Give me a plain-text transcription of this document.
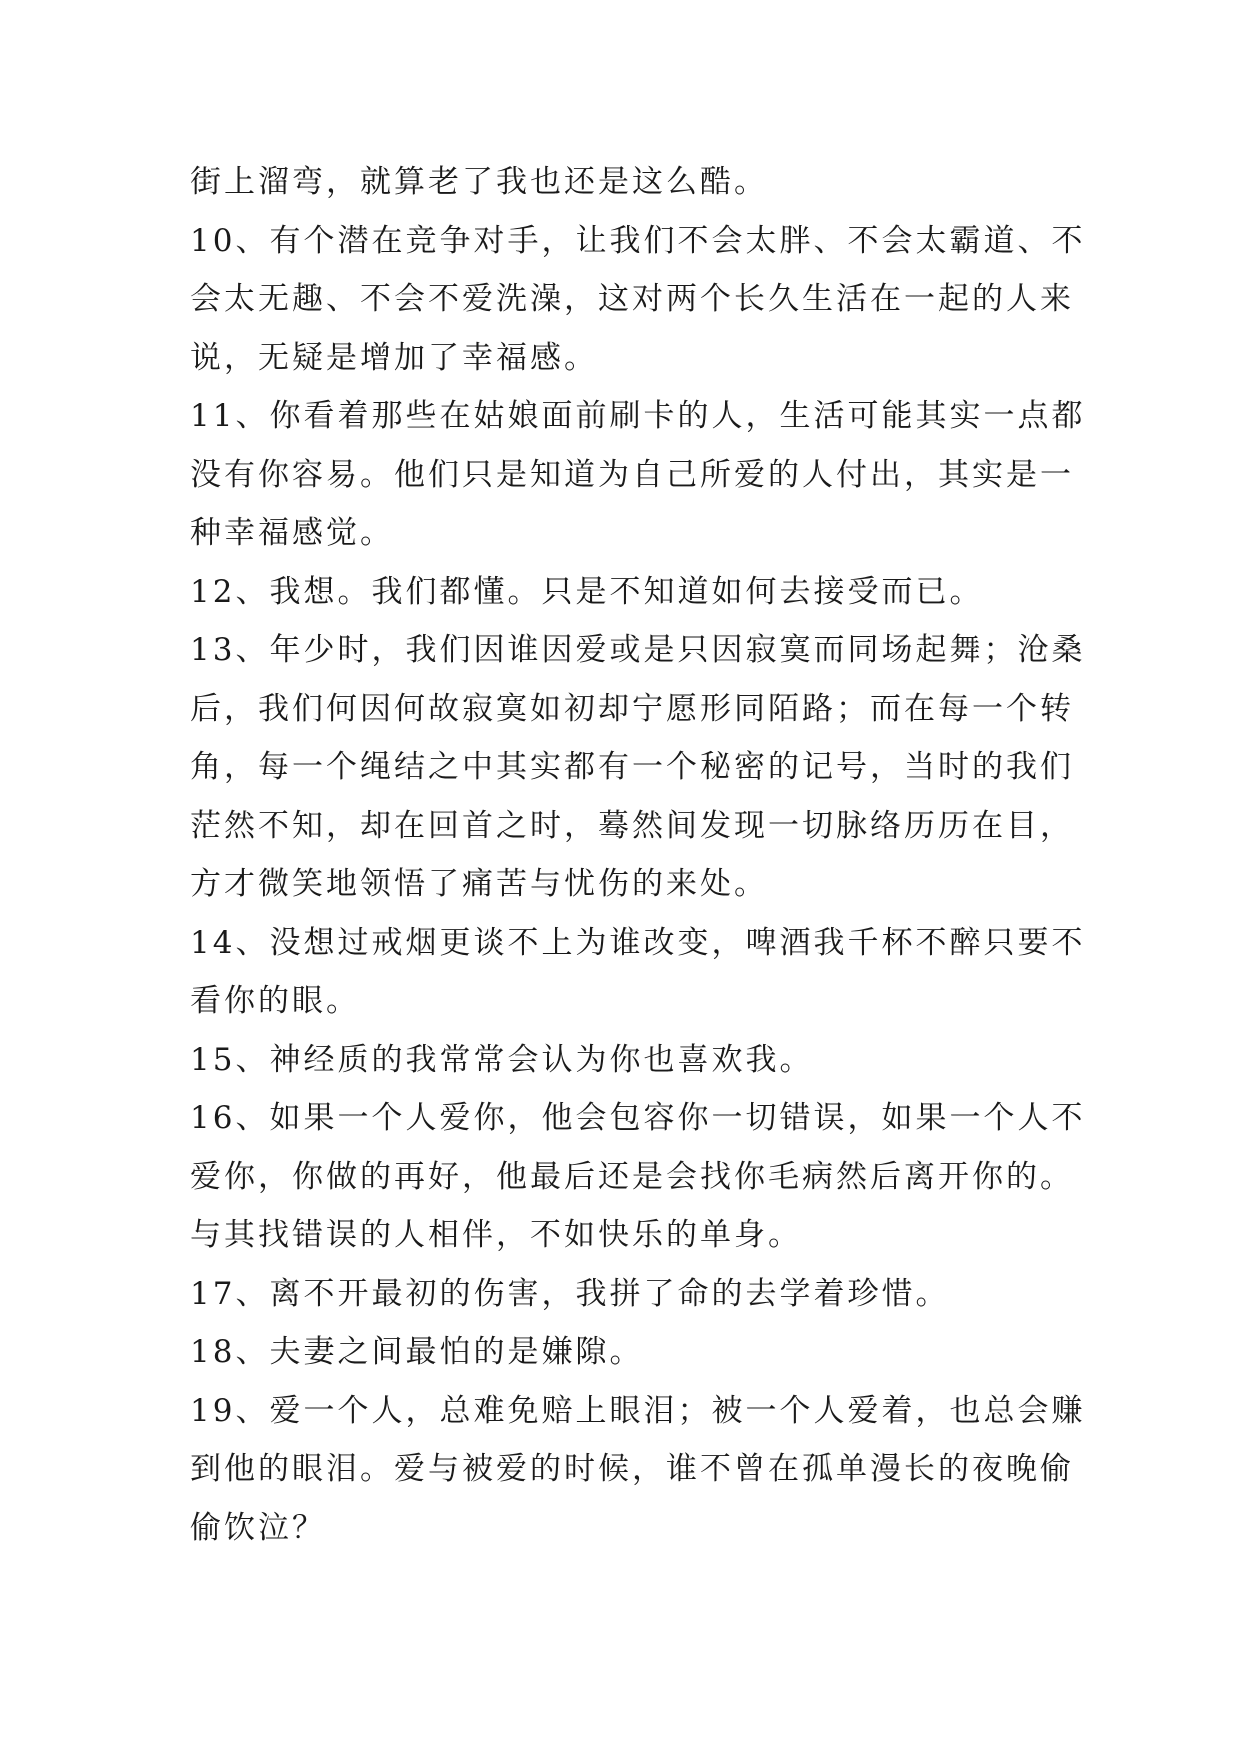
街上溜弯，就算老了我也还是这么酷。
10、有个潜在竞争对手，让我们不会太胖、不会太霸道、不
会太无趣、不会不爱洗澡，这对两个长久生活在一起的人来
说，无疑是增加了幸福感。
11、你看着那些在姑娘面前刷卡的人，生活可能其实一点都
没有你容易。他们只是知道为自己所爱的人付出，其实是一
种幸福感觉。
12、我想。我们都懂。只是不知道如何去接受而已。
13、年少时，我们因谁因爱或是只因寂寞而同场起舞；沧桑
后，我们何因何故寂寞如初却宁愿形同陌路；而在每一个转
角，每一个绳结之中其实都有一个秘密的记号，当时的我们
茫然不知，却在回首之时，蓦然间发现一切脉络历历在目，
方才微笑地领悟了痛苦与忧伤的来处。
14、没想过戒烟更谈不上为谁改变，啤酒我千杯不醉只要不
看你的眼。
15、神经质的我常常会认为你也喜欢我。
16、如果一个人爱你，他会包容你一切错误，如果一个人不
爱你，你做的再好，他最后还是会找你毛病然后离开你的。
与其找错误的人相伴，不如快乐的单身。
17、离不开最初的伤害，我拼了命的去学着珍惜。
18、夫妻之间最怕的是嫌隙。
19、爱一个人，总难免赔上眼泪；被一个人爱着，也总会赚
到他的眼泪。爱与被爱的时候，谁不曾在孤单漫长的夜晚偷
偷饮泣？
